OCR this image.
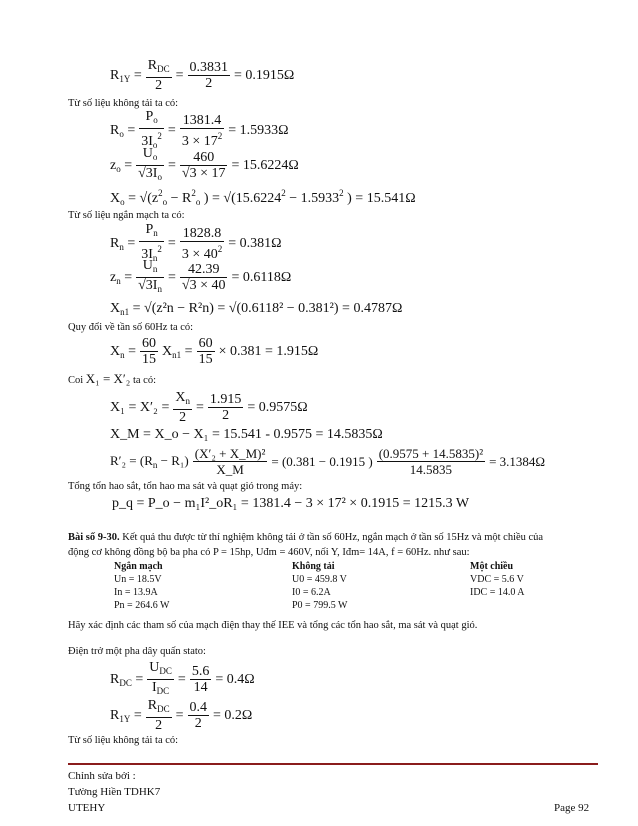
$R_{1Y} = \frac{R_{DC}}{2} = \frac{0.3831}{2} = 0.1915\Omega$
Từ số liệu không tải ta có:
$R_o = \frac{P_o}{3I_o^2} = \frac{1381.4}{3 \times 17^2} = 1.5933\Omega$
$z_o = \frac{U_o}{√3I_o} = \frac{460}{√3 \times 17} = 15.6224\Omega$
$X_o = √(z^2_o - R^2_o$ ) = $√(15.6224^2 - 1.5933^2$ ) = 15.541Ω
Từ số liệu ngắn mạch ta có:
$R_n = \frac{P_n}{3I_n^2} = \frac{1828.8}{3 \times 40^2} = 0.381\Omega$
$z_n = \frac{U_n}{√3I_n} = \frac{42.39}{√3 \times 40} = 0.6118\Omega$
$X_{n1} = √(z^2n - R^2n) = √(0.6118^2 - 0.381^2) = 0.4787\Omega$
Quy đổi về tần số 60Hz ta có:
$X_n = \frac{60}{15} X_{n1} = \frac{60}{15} \times 0.381 = 1.915\Omega$
Coi X₁ = X′₂ ta có:
$X_1 = X'_2 = \frac{X_n}{2} = \frac{1.915}{2} = 0.9575\Omega$
X_M = X_o − X₁ = 15.541 - 0.9575 = 14.5835Ω
$R'_2 = (R_n - R_1) \frac{\text{(X′₂ + X\_M)²}}{X\_M} = (0.381 - 0.1915$ ) $\frac{\text{(0.9575 + 14.5835)²}}{14.5835} = 3.1384\Omega$
Tổng tổn hao sắt, tổn hao ma sát và quạt gió trong máy:
p_q = P_o − m₁I²_oR₁ = 1381.4 − 3 × 17² × 0.1915 = 1215.3 W
Bài số 9-30. Kết quả thu được từ thí nghiệm không tải ở tần số 60Hz, ngắn mạch ở tần số 15Hz và một chiều của
động cơ không đồng bộ ba pha có P = 15hp, Uđm = 460V, nối Y, Iđm= 14A, f = 60Hz. như sau:
Ngắn mạch	Không tải	Một chiều
Un = 18.5V	U0 = 459.8 V	VDC = 5.6 V
In = 13.9A	I0 = 6.2A	IDC = 14.0 A
Pn = 264.6 W	P0 = 799.5 W	
Hãy xác định các tham số của mạch điện thay thế IEE và tổng các tổn hao sắt, ma sát và quạt gió.
Điện trở một pha dây quấn stato:
$R_{DC} = \frac{U_{DC}}{I_{DC}} = \frac{5.6}{14} = 0.4\Omega$
$R_{1Y} = \frac{R_{DC}}{2} = \frac{0.4}{2} = 0.2\Omega$
Từ số liệu không tải ta có:
Chỉnh sửa bởi :
Tường Hiền TDHK7
UTEHY	Page 92
